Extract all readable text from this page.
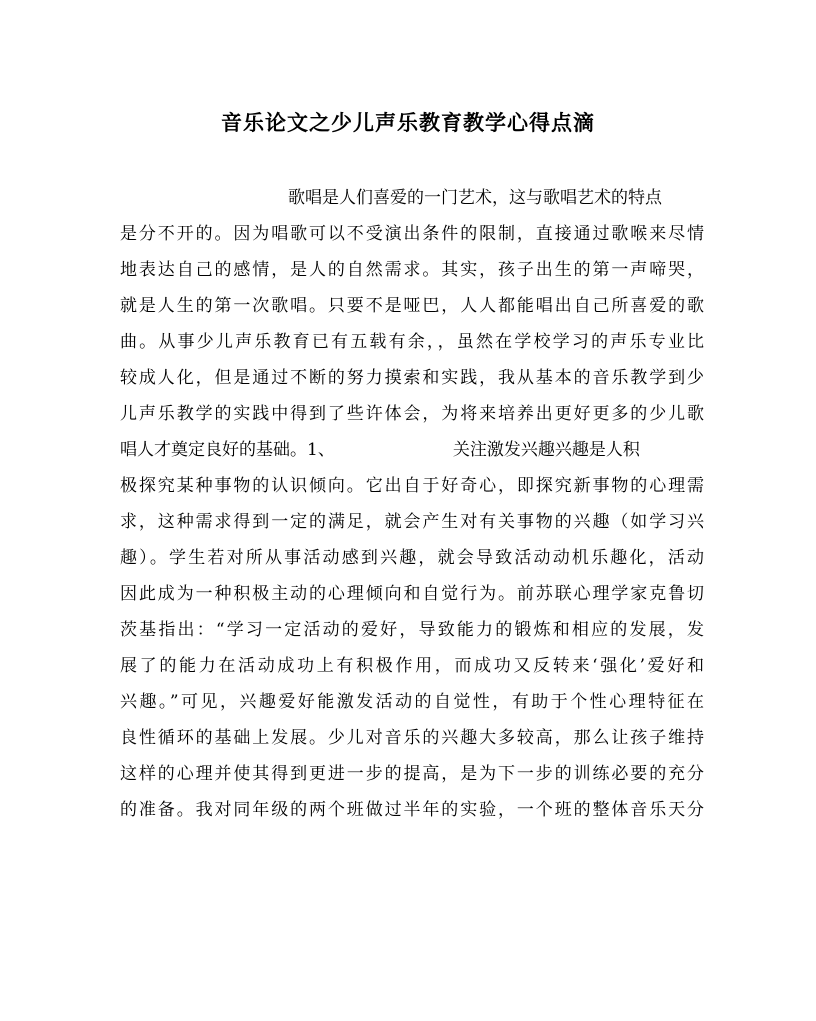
音乐论文之少儿声乐教育教学心得点滴
歌唱是人们喜爱的一门艺术，这与歌唱艺术的特点
是分不开的。因为唱歌可以不受演出条件的限制，直接通过歌喉来尽情
地表达自己的感情，是人的自然需求。其实，孩子出生的第一声啼哭，
就是人生的第一次歌唱。只要不是哑巴，人人都能唱出自己所喜爱的歌
曲。从事少儿声乐教育已有五载有余，，虽然在学校学习的声乐专业比
较成人化，但是通过不断的努力摸索和实践，我从基本的音乐教学到少
儿声乐教学的实践中得到了些许体会，为将来培养出更好更多的少儿歌
唱人才奠定良好的基础。1、	关注激发兴趣兴趣是人积
极探究某种事物的认识倾向。它出自于好奇心，即探究新事物的心理需
求，这种需求得到一定的满足，就会产生对有关事物的兴趣（如学习兴
趣）。学生若对所从事活动感到兴趣，就会导致活动动机乐趣化，活动
因此成为一种积极主动的心理倾向和自觉行为。前苏联心理学家克鲁切
茨基指出：“学习一定活动的爱好，导致能力的锻炼和相应的发展，发
展了的能力在活动成功上有积极作用，而成功又反转来‘强化’爱好和
兴趣。”可见，兴趣爱好能激发活动的自觉性，有助于个性心理特征在
良性循环的基础上发展。少儿对音乐的兴趣大多较高，那么让孩子维持
这样的心理并使其得到更进一步的提高，是为下一步的训练必要的充分
的准备。我对同年级的两个班做过半年的实验，一个班的整体音乐天分
